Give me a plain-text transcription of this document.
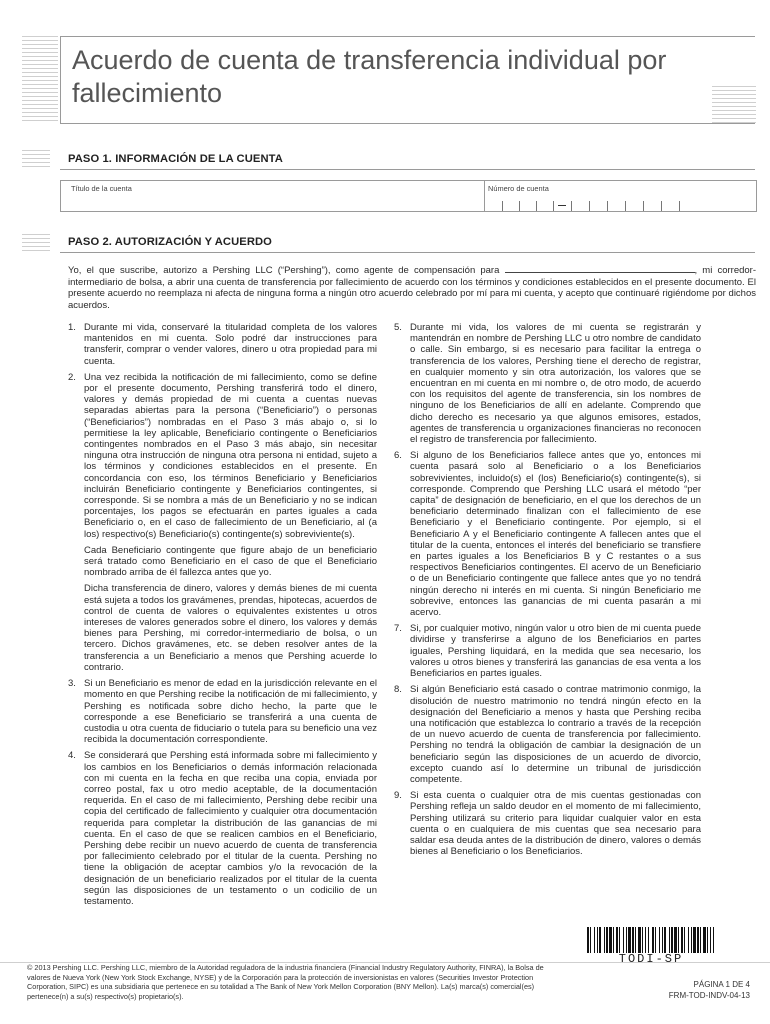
Acuerdo de cuenta de transferencia individual por fallecimiento
PASO 1. INFORMACIÓN DE LA CUENTA
Título de la cuenta	Número de cuenta
PASO 2. AUTORIZACIÓN Y ACUERDO

Yo, el que suscribe, autorizo a Pershing LLC (“Pershing”), como agente de compensación para	, mi corredor-intermediario de bolsa, a abrir una cuenta de transferencia por fallecimiento de acuerdo con los términos y condiciones establecidos en el presente documento. El presente acuerdo no reemplaza ni afecta de ninguna forma a ningún otro acuerdo celebrado por mí para mi cuenta, y acepto que continuaré rigiéndome por dichos acuerdos.

1. Durante mi vida, conservaré la titularidad completa de los valores mantenidos en mi cuenta. Solo podré dar instrucciones para transferir, comprar o vender valores, dinero u otra propiedad para mi cuenta.
2. Una vez recibida la notificación de mi fallecimiento, como se define por el presente documento, Pershing transferirá todo el dinero, valores y demás propiedad de mi cuenta a cuentas nuevas separadas abiertas para la persona (“Beneficiario”) o personas (“Beneficiarios”) nombradas en el Paso 3 más abajo o, si lo permitiese la ley aplicable, Beneficiario contingente o Beneficiarios contingentes nombrados en el Paso 3 más abajo, sin necesitar ninguna otra instrucción de ninguna otra persona ni entidad, sujeto a los términos y condiciones establecidos en el presente. En concordancia con eso, los términos Beneficiario y Beneficiarios incluirán Beneficiario contingente y Beneficiarios contingentes, si corresponde. Si se nombra a más de un Beneficiario y no se indican porcentajes, los pagos se efectuarán en partes iguales a cada Beneficiario o, en el caso de fallecimiento de un Beneficiario, al (a los) respectivo(s) Beneficiario(s) contingente(s) sobreviviente(s).
Cada Beneficiario contingente que figure abajo de un beneficiario será tratado como Beneficiario en el caso de que el Beneficiario nombrado arriba de él fallezca antes que yo.
Dicha transferencia de dinero, valores y demás bienes de mi cuenta está sujeta a todos los gravámenes, prendas, hipotecas, acuerdos de control de cuenta de valores o equivalentes existentes u otros intereses de valores generados sobre el dinero, los valores y demás bienes para Pershing, mi corredor-intermediario de bolsa, o un tercero. Dichos gravámenes, etc. se deben resolver antes de la transferencia a un Beneficiario a menos que Pershing acuerde lo contrario.
3. Si un Beneficiario es menor de edad en la jurisdicción relevante en el momento en que Pershing recibe la notificación de mi fallecimiento, y Pershing es notificada sobre dicho hecho, la parte que le corresponde a ese Beneficiario se transferirá a una cuenta de custodia u otra cuenta de fiduciario o tutela para su beneficio una vez recibida la documentación correspondiente.
4. Se considerará que Pershing está informada sobre mi fallecimiento y los cambios en los Beneficiarios o demás información relacionada con mi cuenta en la fecha en que reciba una copia, enviada por correo postal, fax u otro medio aceptable, de la documentación requerida. En el caso de mi fallecimiento, Pershing debe recibir una copia del certificado de fallecimiento y cualquier otra documentación requerida para completar la distribución de las ganancias de mi cuenta. En el caso de que se realicen cambios en el Beneficiario, Pershing debe recibir un nuevo acuerdo de cuenta de transferencia por fallecimiento celebrado por el titular de la cuenta. Pershing no tiene la obligación de aceptar cambios y/o la revocación de la designación de un beneficiario realizados por el titular de la cuenta según las disposiciones de un testamento o un codicilio de un testamento.
5. Durante mi vida, los valores de mi cuenta se registrarán y mantendrán en nombre de Pershing LLC u otro nombre de candidato o calle. Sin embargo, si es necesario para facilitar la entrega o transferencia de los valores, Pershing tiene el derecho de registrar, en cualquier momento y sin otra autorización, los valores que se encuentran en mi cuenta en mi nombre o, de otro modo, de acuerdo con los requisitos del agente de transferencia, sin los nombres de ninguno de los Beneficiarios de allí en adelante. Comprendo que dicho derecho es necesario ya que algunos emisores, estados, agentes de transferencia u organizaciones financieras no reconocen el registro de transferencia por fallecimiento.
6. Si alguno de los Beneficiarios fallece antes que yo, entonces mi cuenta pasará solo al Beneficiario o a los Beneficiarios sobrevivientes, incluido(s) el (los) Beneficiario(s) contingente(s), si corresponde. Comprendo que Pershing LLC usará el método “per capita” de designación de beneficiario, en el que los derechos de un beneficiario determinado finalizan con el fallecimiento de ese Beneficiario y el Beneficiario contingente. Por ejemplo, si el Beneficiario A y el Beneficiario contingente A fallecen antes que el titular de la cuenta, entonces el interés del beneficiario se transfiere en partes iguales a los Beneficiarios B y C restantes o a sus respectivos Beneficiarios contingentes. El acervo de un Beneficiario o de un Beneficiario contingente que fallece antes que yo no tendrá ningún derecho ni interés en mi cuenta. Si ningún Beneficiario me sobrevive, entonces las ganancias de mi cuenta pasarán a mi acervo.
7. Si, por cualquier motivo, ningún valor u otro bien de mi cuenta puede dividirse y transferirse a alguno de los Beneficiarios en partes iguales, Pershing liquidará, en la medida que sea necesario, los valores u otros bienes y transferirá las ganancias de esa venta a los Beneficiarios en partes iguales.
8. Si algún Beneficiario está casado o contrae matrimonio conmigo, la disolución de nuestro matrimonio no tendrá ningún efecto en la designación del Beneficiario a menos y hasta que Pershing reciba una notificación que establezca lo contrario a través de la recepción de un nuevo acuerdo de cuenta de transferencia por fallecimiento. Pershing no tendrá la obligación de cambiar la designación de un beneficiario según las disposiciones de un acuerdo de divorcio, excepto cuando así lo determine un tribunal de jurisdicción competente.
9. Si esta cuenta o cualquier otra de mis cuentas gestionadas con Pershing refleja un saldo deudor en el momento de mi fallecimiento, Pershing utilizará su criterio para liquidar cualquier valor en esta cuenta o en cualquiera de mis cuentas que sea necesario para saldar esa deuda antes de la distribución de dinero, valores o demás bienes al Beneficiario o los Beneficiarios.
TODI-SP

© 2013 Pershing LLC. Pershing LLC, miembro de la Autoridad reguladora de la industria financiera (Financial Industry Regulatory Authority, FINRA), la Bolsa de valores de Nueva York (New York Stock Exchange, NYSE) y de la Corporación para la protección de inversionistas en valores (Securities Investor Protection Corporation, SIPC) es una subsidiaria que pertenece en su totalidad a The Bank of New York Mellon Corporation (BNY Mellon). La(s) marca(s) comercial(es) pertenece(n) a su(s) respectivo(s) propietario(s).

PÁGINA 1 DE 4
FRM-TOD-INDV-04-13
